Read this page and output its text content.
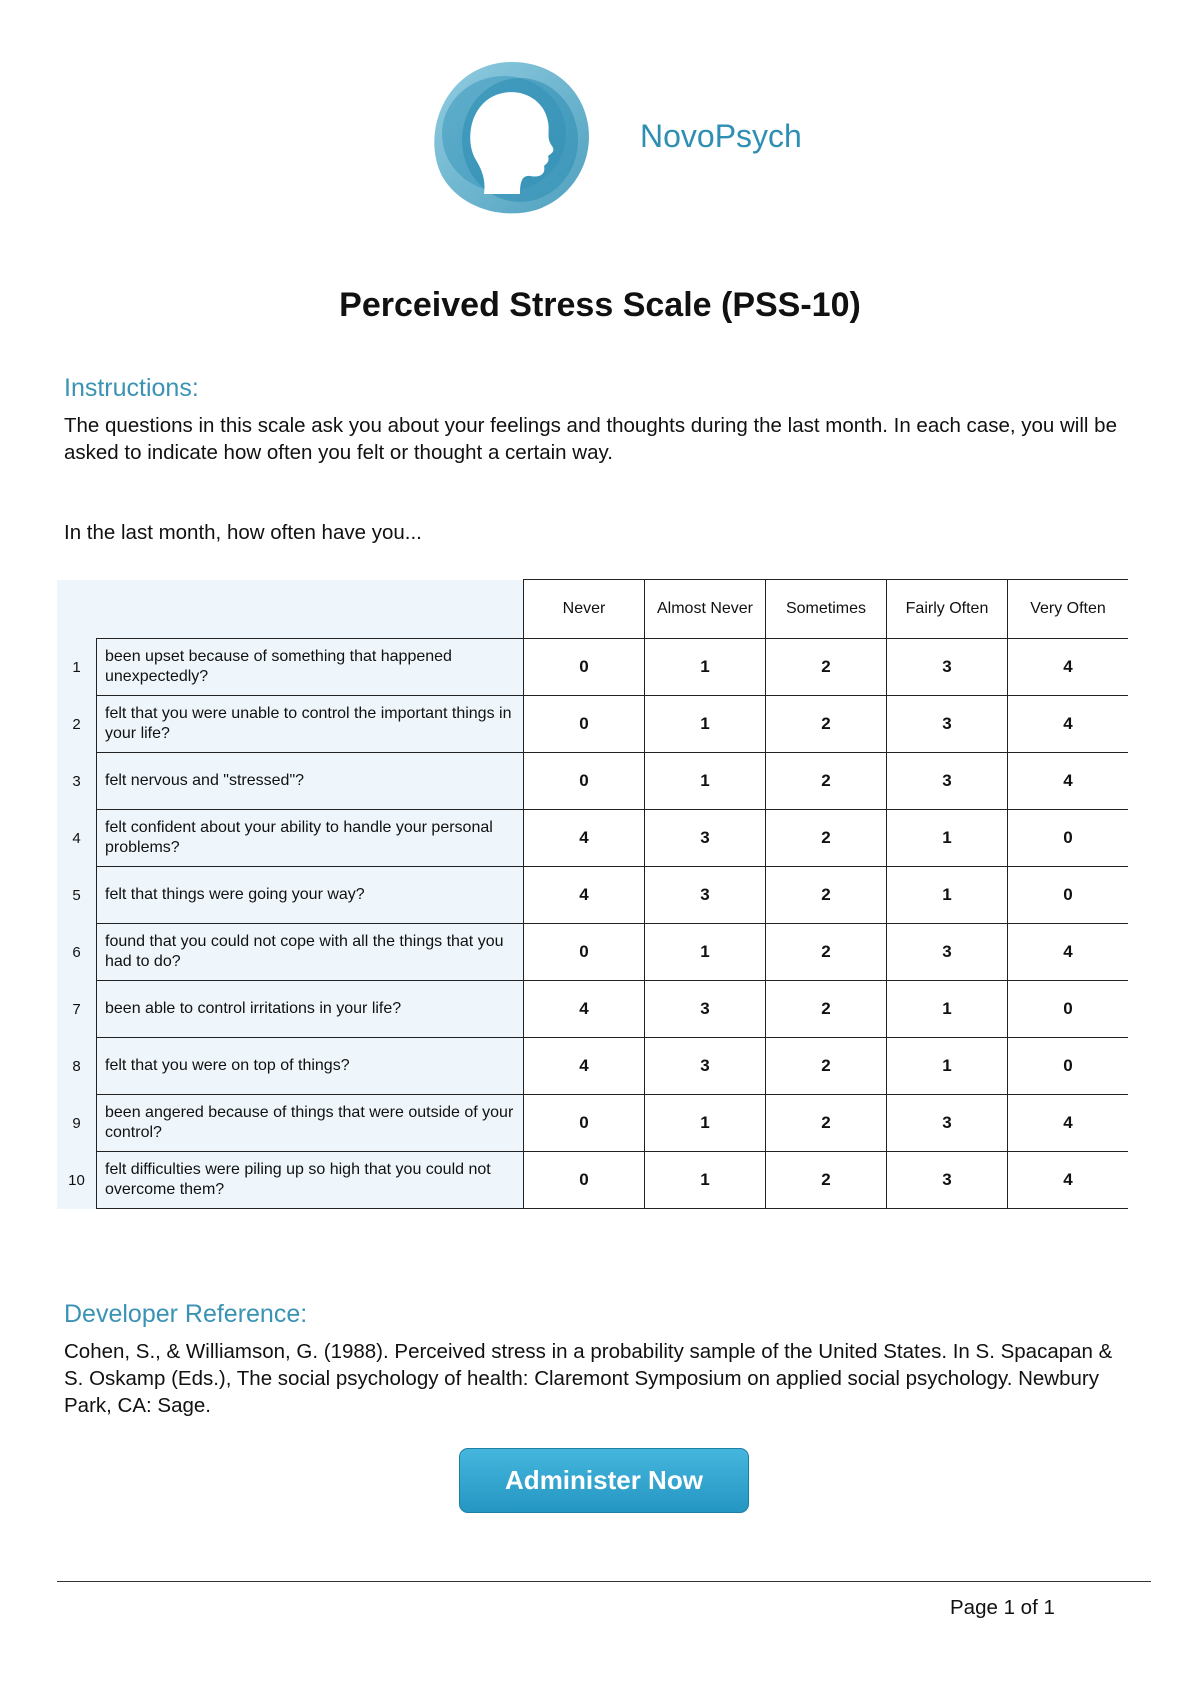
NovoPsych
Perceived Stress Scale (PSS-10)
Instructions:
The questions in this scale ask you about your feelings and thoughts during the last month. In each case, you will be asked to indicate how often you felt or thought a certain way.
In the last month, how often have you...
		Never	Almost Never	Sometimes	Fairly Often	Very Often
1	been upset because of something that happened unexpectedly?	0	1	2	3	4
2	felt that you were unable to control the important things in your life?	0	1	2	3	4
3	felt nervous and "stressed"?	0	1	2	3	4
4	felt confident about your ability to handle your personal problems?	4	3	2	1	0
5	felt that things were going your way?	4	3	2	1	0
6	found that you could not cope with all the things that you had to do?	0	1	2	3	4
7	been able to control irritations in your life?	4	3	2	1	0
8	felt that you were on top of things?	4	3	2	1	0
9	been angered because of things that were outside of your control?	0	1	2	3	4
10	felt difficulties were piling up so high that you could not overcome them?	0	1	2	3	4
Developer Reference:
Cohen, S., & Williamson, G. (1988). Perceived stress in a probability sample of the United States. In S. Spacapan & S. Oskamp (Eds.), The social psychology of health: Claremont Symposium on applied social psychology. Newbury Park, CA: Sage.
Administer Now
Page 1 of 1
